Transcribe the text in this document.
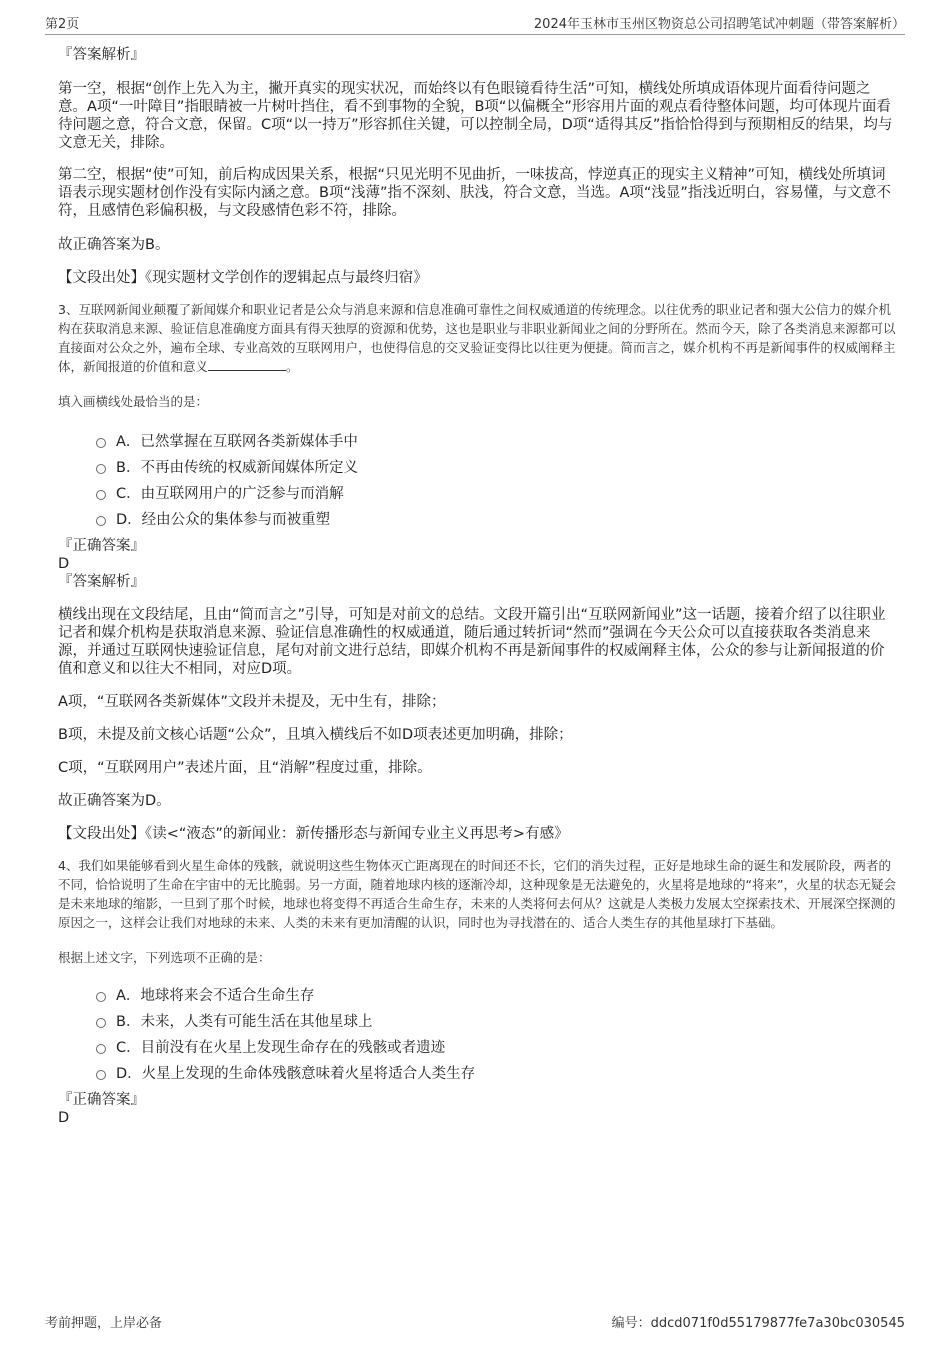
第2页	2024年玉林市玉州区物资总公司招聘笔试冲刺题（带答案解析）

『答案解析』

第一空，根据“创作上先入为主，撇开真实的现实状况，而始终以有色眼镜看待生活”可知，横线处所填成语体现片面看待问题之意。A项“一叶障目”指眼睛被一片树叶挡住，看不到事物的全貌，B项“以偏概全”形容用片面的观点看待整体问题，均可体现片面看待问题之意，符合文意，保留。C项“以一持万”形容抓住关键，可以控制全局，D项“适得其反”指恰恰得到与预期相反的结果，均与文意无关，排除。

第二空，根据“使”可知，前后构成因果关系，根据“只见光明不见曲折，一味拔高，悖逆真正的现实主义精神”可知，横线处所填词语表示现实题材创作没有实际内涵之意。B项“浅薄”指不深刻、肤浅，符合文意，当选。A项“浅显”指浅近明白，容易懂，与文意不符，且感情色彩偏积极，与文段感情色彩不符，排除。

故正确答案为B。

【文段出处】《现实题材文学创作的逻辑起点与最终归宿》

3、互联网新闻业颠覆了新闻媒介和职业记者是公众与消息来源和信息准确可靠性之间权威通道的传统理念。以往优秀的职业记者和强大公信力的媒介机构在获取消息来源、验证信息准确度方面具有得天独厚的资源和优势，这也是职业与非职业新闻业之间的分野所在。然而今天，除了各类消息来源都可以直接面对公众之外，遍布全球、专业高效的互联网用户，也使得信息的交叉验证变得比以往更为便捷。简而言之，媒介机构不再是新闻事件的权威阐释主体，新闻报道的价值和意义	。

填入画横线处最恰当的是：

A．已然掌握在互联网各类新媒体手中
B．不再由传统的权威新闻媒体所定义
C．由互联网用户的广泛参与而消解
D．经由公众的集体参与而被重塑

『正确答案』

D

『答案解析』

横线出现在文段结尾，且由“简而言之”引导，可知是对前文的总结。文段开篇引出“互联网新闻业”这一话题，接着介绍了以往职业记者和媒介机构是获取消息来源、验证信息准确性的权威通道，随后通过转折词“然而”强调在今天公众可以直接获取各类消息来源，并通过互联网快速验证信息，尾句对前文进行总结，即媒介机构不再是新闻事件的权威阐释主体，公众的参与让新闻报道的价值和意义和以往大不相同，对应D项。

A项，“互联网各类新媒体”文段并未提及，无中生有，排除；

B项，未提及前文核心话题“公众”，且填入横线后不如D项表述更加明确，排除；

C项，“互联网用户”表述片面，且“消解”程度过重，排除。

故正确答案为D。

【文段出处】《读<“液态”的新闻业：新传播形态与新闻专业主义再思考>有感》

4、我们如果能够看到火星生命体的残骸，就说明这些生物体灭亡距离现在的时间还不长，它们的消失过程，正好是地球生命的诞生和发展阶段，两者的不同，恰恰说明了生命在宇宙中的无比脆弱。另一方面，随着地球内核的逐渐冷却，这种现象是无法避免的，火星将是地球的“将来”，火星的状态无疑会是未来地球的缩影，一旦到了那个时候，地球也将变得不再适合生命生存，未来的人类将何去何从？这就是人类极力发展太空探索技术、开展深空探测的原因之一，这样会让我们对地球的未来、人类的未来有更加清醒的认识，同时也为寻找潜在的、适合人类生存的其他星球打下基础。

根据上述文字，下列选项不正确的是：

A．地球将来会不适合生命生存
B．未来，人类有可能生活在其他星球上
C．目前没有在火星上发现生命存在的残骸或者遗迹
D．火星上发现的生命体残骸意味着火星将适合人类生存

『正确答案』

D

考前押题，上岸必备	编号：ddcd071f0d55179877fe7a30bc030545
